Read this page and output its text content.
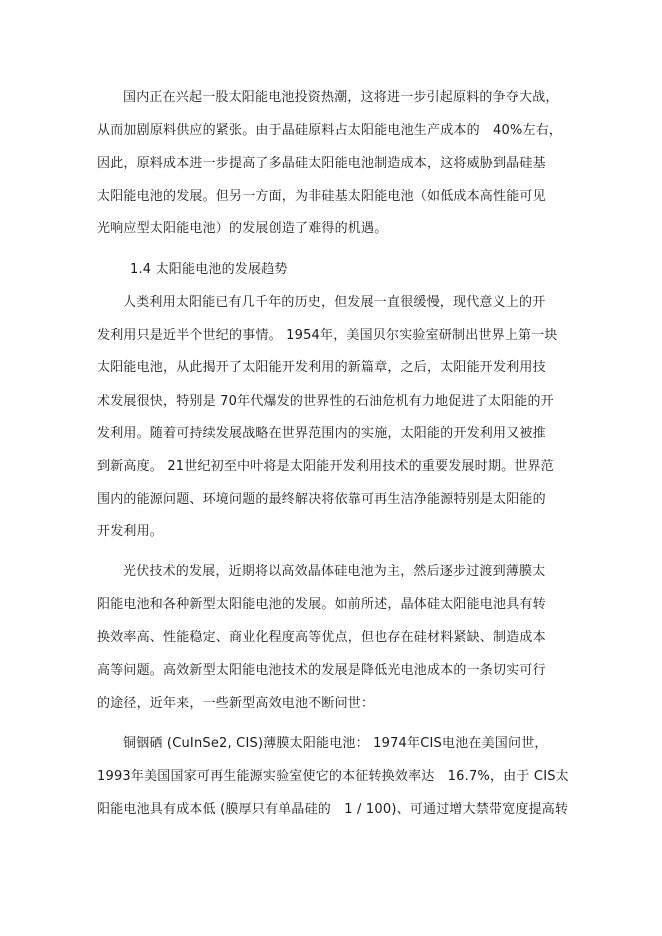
国内正在兴起一股太阳能电池投资热潮，这将进一步引起原料的争夺大战，
从而加剧原料供应的紧张。由于晶硅原料占太阳能电池生产成本的　40%左右，
因此，原料成本进一步提高了多晶硅太阳能电池制造成本，这将威胁到晶硅基
太阳能电池的发展。但另一方面，为非硅基太阳能电池（如低成本高性能可见
光响应型太阳能电池）的发展创造了难得的机遇。
1.4 太阳能电池的发展趋势
人类利用太阳能已有几千年的历史，但发展一直很缓慢，现代意义上的开
发利用只是近半个世纪的事情。 1954年，美国贝尔实验室研制出世界上第一块
太阳能电池，从此揭开了太阳能开发利用的新篇章，之后，太阳能开发利用技
术发展很快，特别是 70年代爆发的世界性的石油危机有力地促进了太阳能的开
发利用。随着可持续发展战略在世界范围内的实施，太阳能的开发利用又被推
到新高度。 21世纪初至中叶将是太阳能开发利用技术的重要发展时期。世界范
围内的能源问题、环境问题的最终解决将依靠可再生洁净能源特别是太阳能的
开发利用。
光伏技术的发展，近期将以高效晶体硅电池为主，然后逐步过渡到薄膜太
阳能电池和各种新型太阳能电池的发展。如前所述，晶体硅太阳能电池具有转
换效率高、性能稳定、商业化程度高等优点，但也存在硅材料紧缺、制造成本
高等问题。高效新型太阳能电池技术的发展是降低光电池成本的一条切实可行
的途径，近年来，一些新型高效电池不断问世：
铜铟硒 (CuInSe2, CIS)薄膜太阳能电池： 1974年CIS电池在美国问世，
1993年美国国家可再生能源实验室使它的本征转换效率达　16.7%，由于 CIS太
阳能电池具有成本低 (膜厚只有单晶硅的　1 / 100)、可通过增大禁带宽度提高转
